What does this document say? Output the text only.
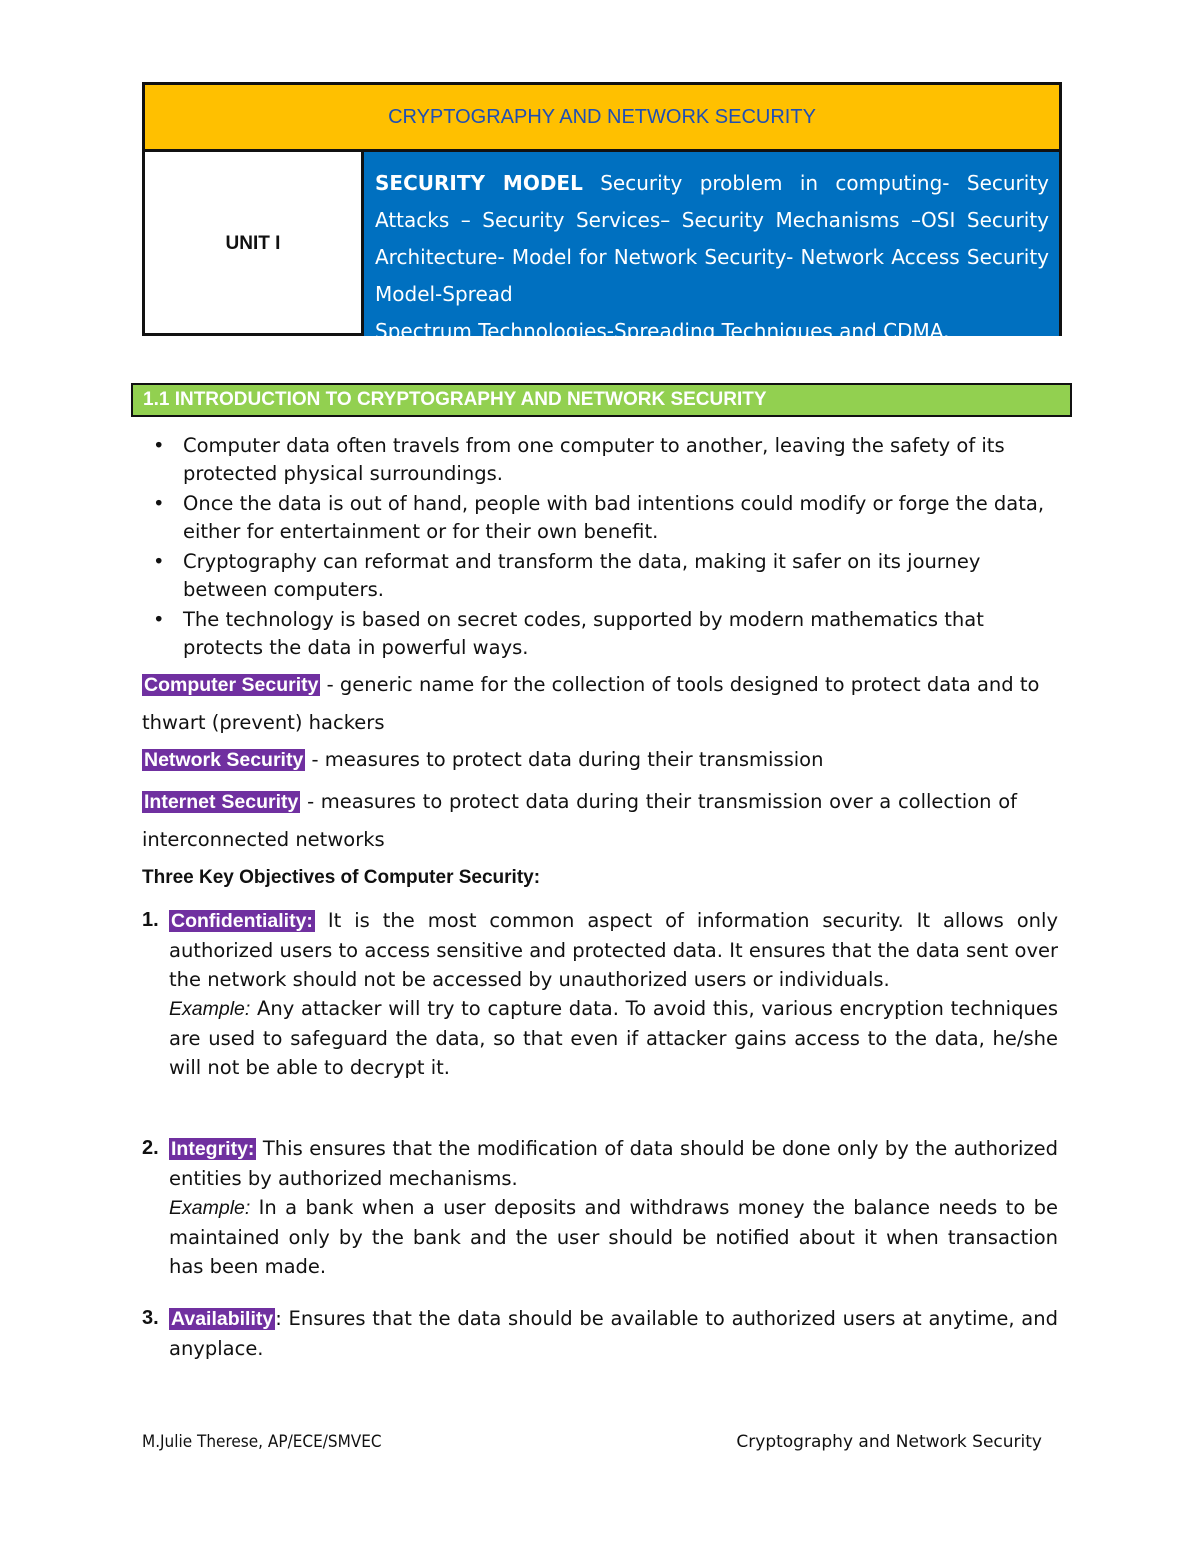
CRYPTOGRAPHY AND NETWORK SECURITY
UNIT I
SECURITY MODEL Security problem in computing- Security Attacks – Security Services– Security Mechanisms –OSI Security Architecture- Model for Network Security- Network Access Security Model-Spread
Spectrum Technologies-Spreading Techniques and CDMA.
1.1 INTRODUCTION TO CRYPTOGRAPHY AND NETWORK SECURITY
• Computer data often travels from one computer to another, leaving the safety of its protected physical surroundings.
• Once the data is out of hand, people with bad intentions could modify or forge the data, either for entertainment or for their own benefit.
• Cryptography can reformat and transform the data, making it safer on its journey between computers.
• The technology is based on secret codes, supported by modern mathematics that protects the data in powerful ways.
Computer Security - generic name for the collection of tools designed to protect data and to thwart (prevent) hackers
Network Security - measures to protect data during their transmission
Internet Security - measures to protect data during their transmission over a collection of interconnected networks
Three Key Objectives of Computer Security:
1. Confidentiality: It is the most common aspect of information security. It allows only authorized users to access sensitive and protected data. It ensures that the data sent over the network should not be accessed by unauthorized users or individuals.
Example: Any attacker will try to capture data. To avoid this, various encryption techniques are used to safeguard the data, so that even if attacker gains access to the data, he/she will not be able to decrypt it.
2. Integrity: This ensures that the modification of data should be done only by the authorized entities by authorized mechanisms.
Example: In a bank when a user deposits and withdraws money the balance needs to be maintained only by the bank and the user should be notified about it when transaction has been made.
3. Availability : Ensures that the data should be available to authorized users at anytime, and anyplace.
M.Julie Therese, AP/ECE/SMVEC	Cryptography and Network Security
